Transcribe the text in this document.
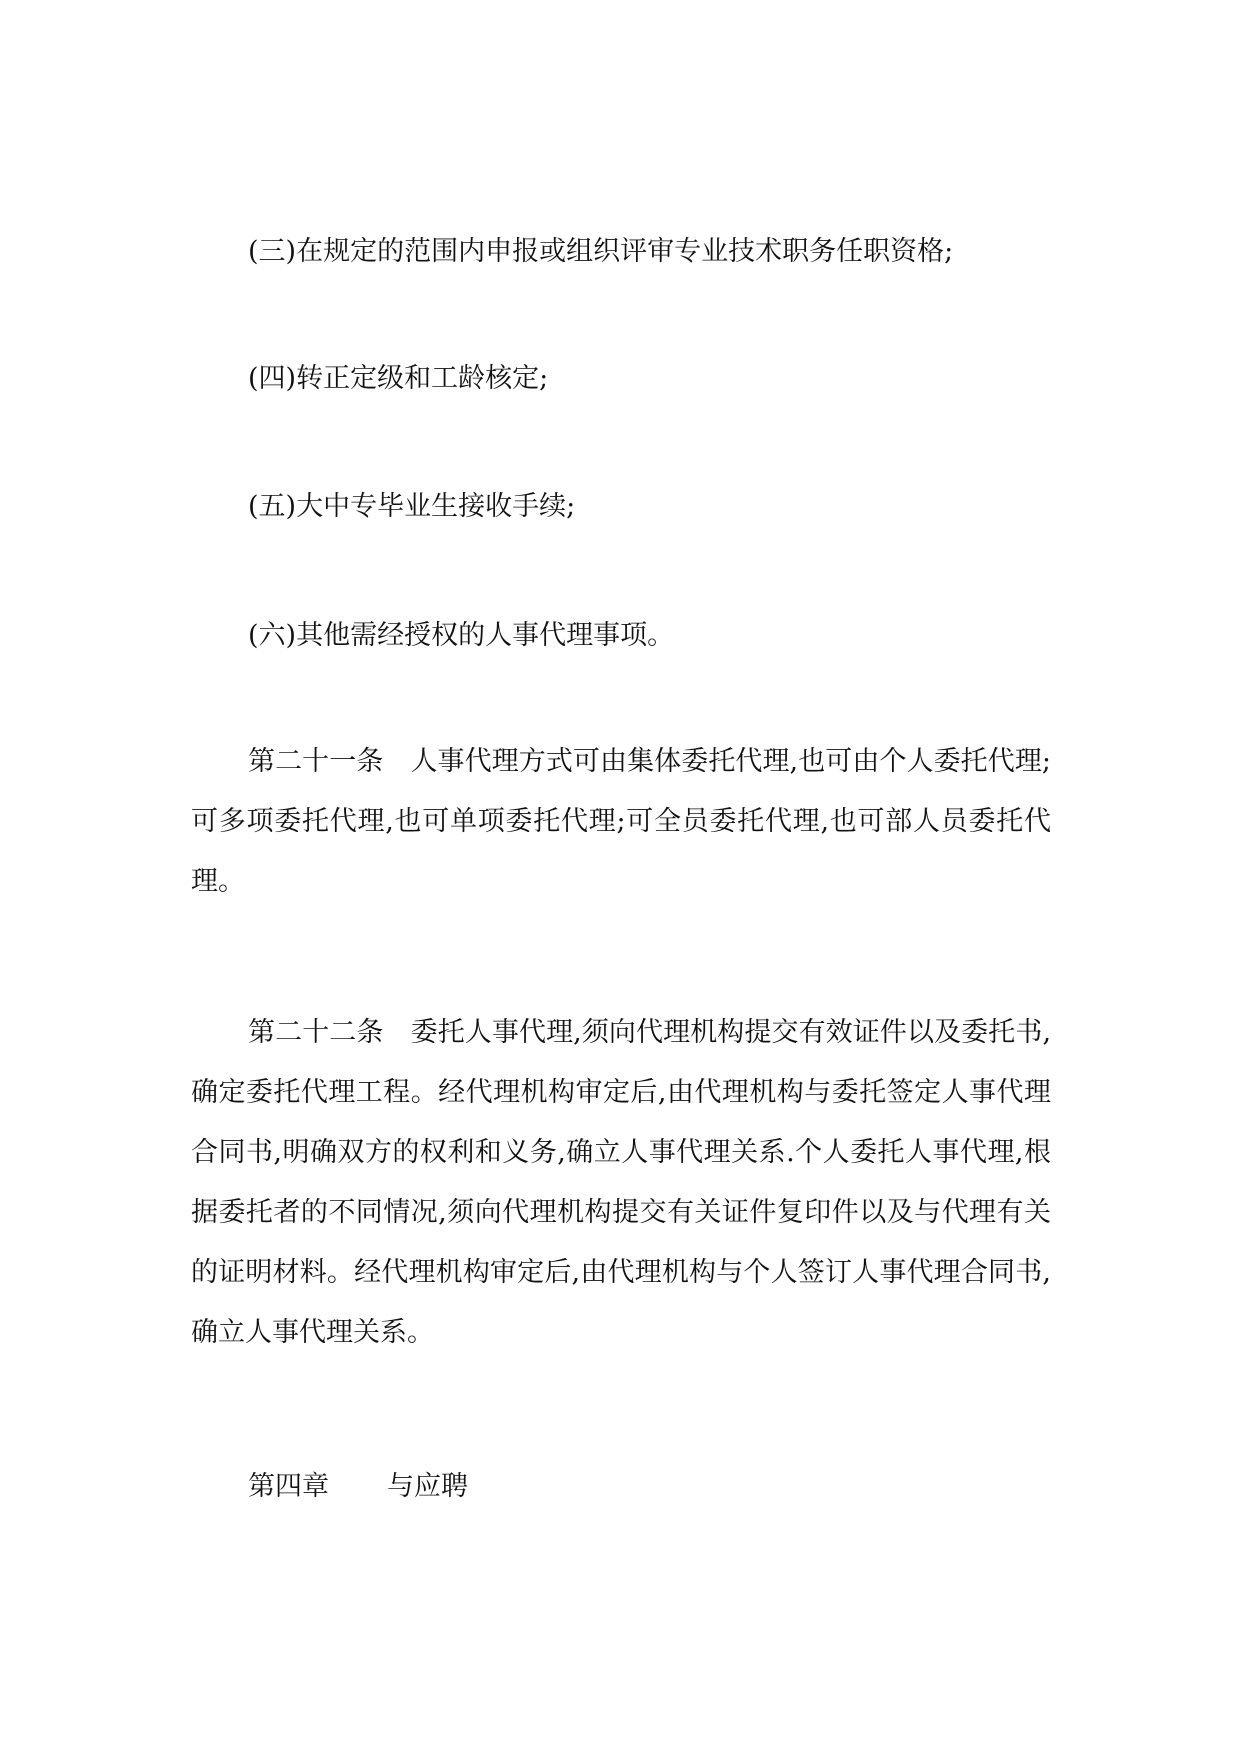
(三)在规定的范围内申报或组织评审专业技术职务任职资格;

(四)转正定级和工龄核定;

(五)大中专毕业生接收手续;

(六)其他需经授权的人事代理事项。

第二十一条　 人事代理方式可由集体委托代理,也可由个人委托代理;可多项委托代理,也可单项委托代理;可全员委托代理,也可部人员委托代理。

第二十二条　 委托人事代理,须向代理机构提交有效证件以及委托书,确定委托代理工程。经代理机构审定后,由代理机构与委托签定人事代理合同书,明确双方的权利和义务,确立人事代理关系.个人委托人事代理,根据委托者的不同情况,须向代理机构提交有关证件复印件以及与代理有关的证明材料。经代理机构审定后,由代理机构与个人签订人事代理合同书,确立人事代理关系。

第四章 与应聘
